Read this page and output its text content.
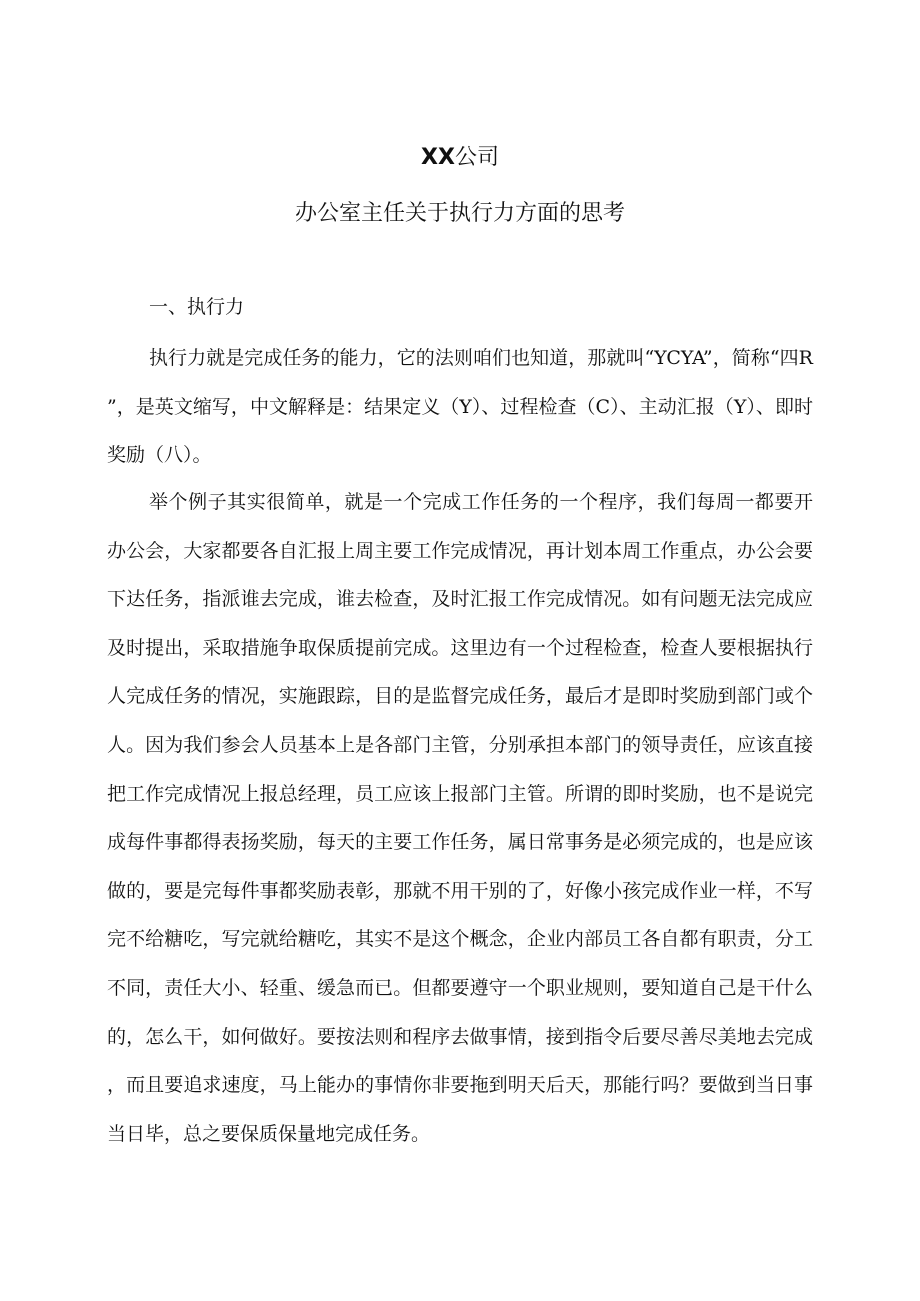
XX公司
办公室主任关于执行力方面的思考

一、执行力

执行力就是完成任务的能力，它的法则咱们也知道，那就叫“YCYA”，简称“四R”，是英文缩写，中文解释是：结果定义（Y）、过程检查（C）、主动汇报（Y）、即时奖励（八）。

举个例子其实很简单，就是一个完成工作任务的一个程序，我们每周一都要开办公会，大家都要各自汇报上周主要工作完成情况，再计划本周工作重点，办公会要下达任务，指派谁去完成，谁去检查，及时汇报工作完成情况。如有问题无法完成应及时提出，采取措施争取保质提前完成。这里边有一个过程检查，检查人要根据执行人完成任务的情况，实施跟踪，目的是监督完成任务，最后才是即时奖励到部门或个人。因为我们参会人员基本上是各部门主管，分别承担本部门的领导责任，应该直接把工作完成情况上报总经理，员工应该上报部门主管。所谓的即时奖励，也不是说完成每件事都得表扬奖励，每天的主要工作任务，属日常事务是必须完成的，也是应该做的，要是完每件事都奖励表彰，那就不用干别的了，好像小孩完成作业一样，不写完不给糖吃，写完就给糖吃，其实不是这个概念，企业内部员工各自都有职责，分工不同，责任大小、轻重、缓急而已。但都要遵守一个职业规则，要知道自己是干什么的，怎么干，如何做好。要按法则和程序去做事情，接到指令后要尽善尽美地去完成，而且要追求速度，马上能办的事情你非要拖到明天后天，那能行吗？要做到当日事当日毕，总之要保质保量地完成任务。
